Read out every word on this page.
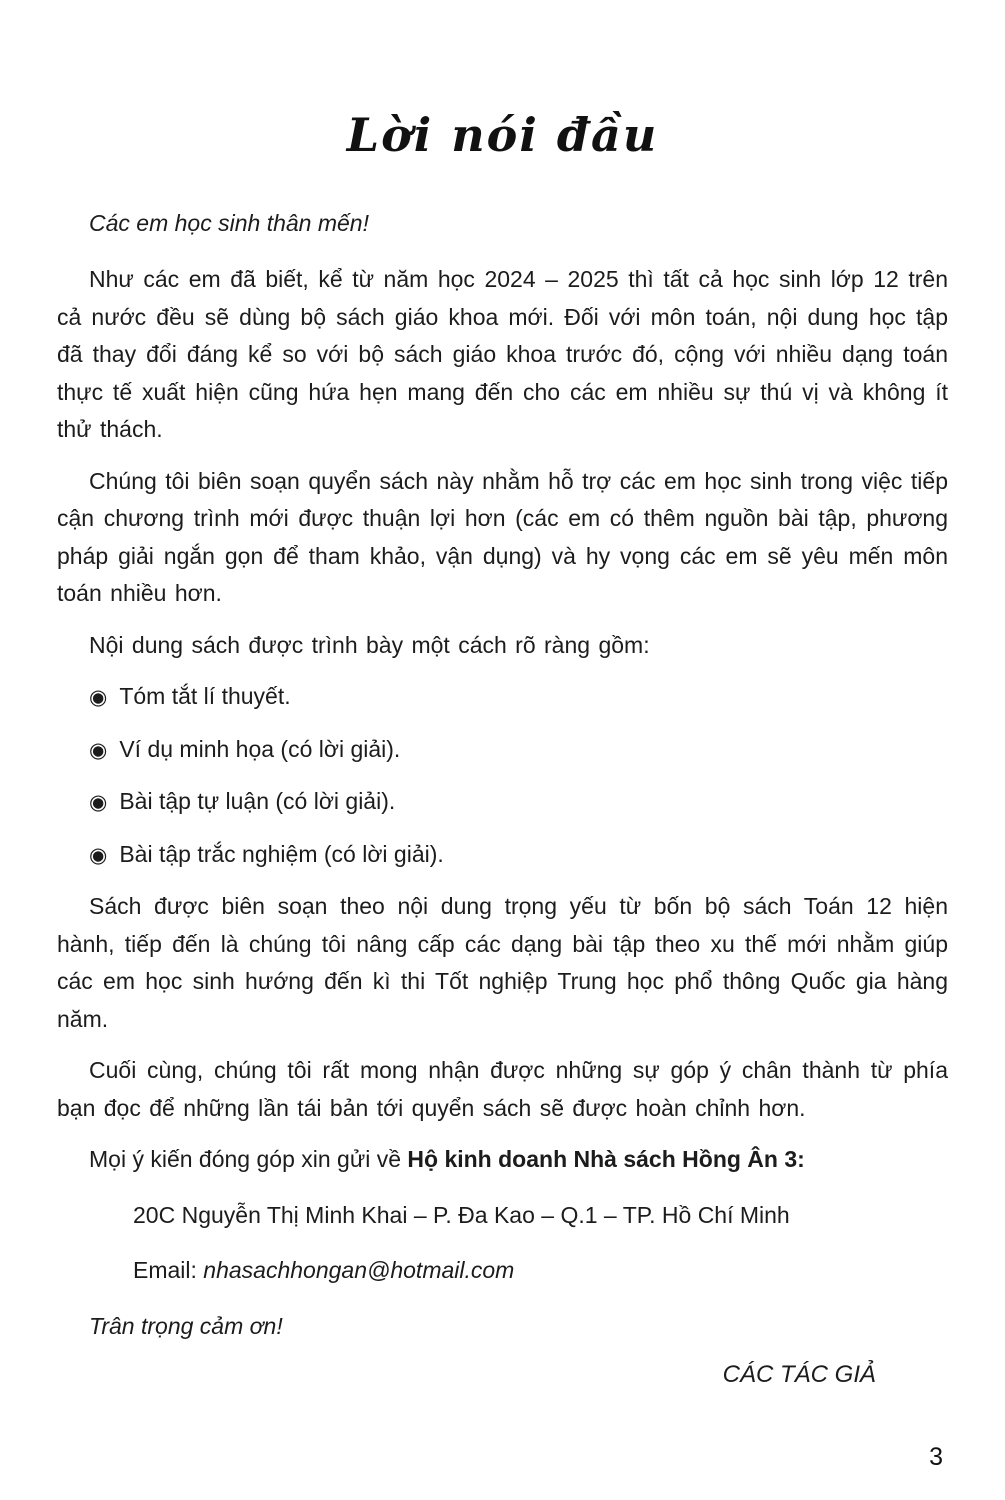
Lời nói đầu

Các em học sinh thân mến!

Như các em đã biết, kể từ năm học 2024 – 2025 thì tất cả học sinh lớp 12 trên cả nước đều sẽ dùng bộ sách giáo khoa mới. Đối với môn toán, nội dung học tập đã thay đổi đáng kể so với bộ sách giáo khoa trước đó, cộng với nhiều dạng toán thực tế xuất hiện cũng hứa hẹn mang đến cho các em nhiều sự thú vị và không ít thử thách.

Chúng tôi biên soạn quyển sách này nhằm hỗ trợ các em học sinh trong việc tiếp cận chương trình mới được thuận lợi hơn (các em có thêm nguồn bài tập, phương pháp giải ngắn gọn để tham khảo, vận dụng) và hy vọng các em sẽ yêu mến môn toán nhiều hơn.

Nội dung sách được trình bày một cách rõ ràng gồm:

◉ Tóm tắt lí thuyết.
◉ Ví dụ minh họa (có lời giải).
◉ Bài tập tự luận (có lời giải).
◉ Bài tập trắc nghiệm (có lời giải).

Sách được biên soạn theo nội dung trọng yếu từ bốn bộ sách Toán 12 hiện hành, tiếp đến là chúng tôi nâng cấp các dạng bài tập theo xu thế mới nhằm giúp các em học sinh hướng đến kì thi Tốt nghiệp Trung học phổ thông Quốc gia hàng năm.

Cuối cùng, chúng tôi rất mong nhận được những sự góp ý chân thành từ phía bạn đọc để những lần tái bản tới quyển sách sẽ được hoàn chỉnh hơn.

Mọi ý kiến đóng góp xin gửi về Hộ kinh doanh Nhà sách Hồng Ân 3:

20C Nguyễn Thị Minh Khai – P. Đa Kao – Q.1 – TP. Hồ Chí Minh

Email: nhasachhongan@hotmail.com

Trân trọng cảm ơn!

CÁC TÁC GIẢ

3
